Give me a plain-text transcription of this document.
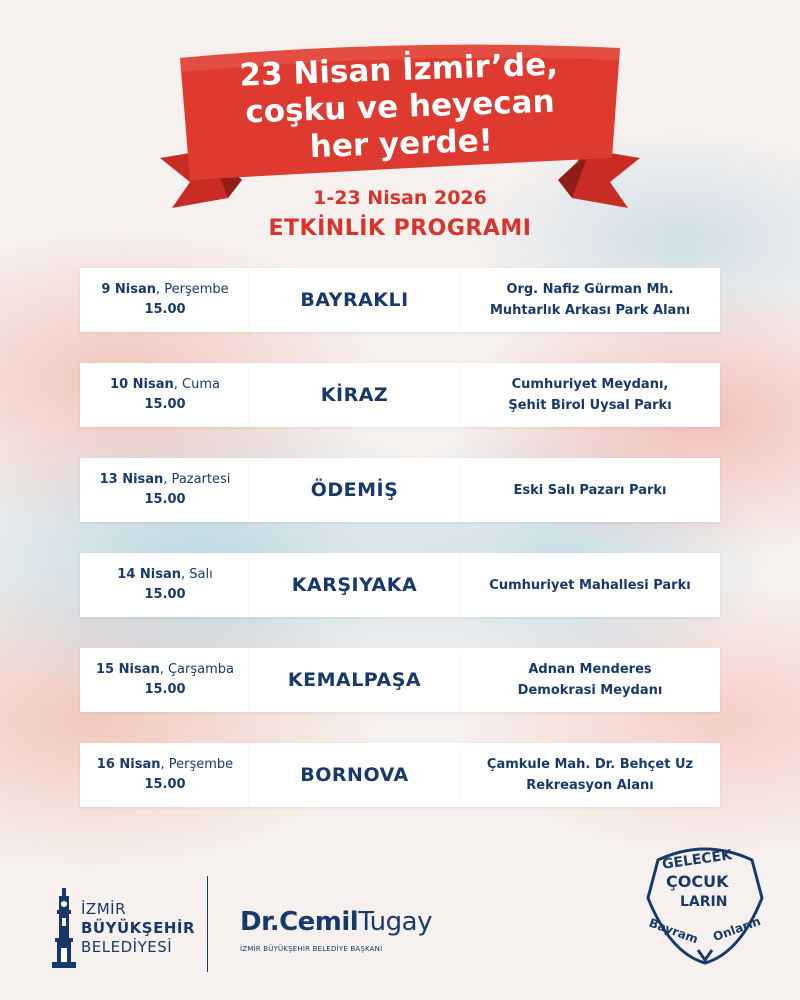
23 Nisan İzmir’de,
coşku ve heyecan
her yerde!
1-23 Nisan 2026
ETKİNLİK PROGRAMI
9 Nisan, Perşembe
15.00	BAYRAKLI	Org. Nafiz Gürman Mh.
Muhtarlık Arkası Park Alanı
10 Nisan, Cuma
15.00	KİRAZ	Cumhuriyet Meydanı,
Şehit Birol Uysal Parkı
13 Nisan, Pazartesi
15.00	ÖDEMİŞ	Eski Salı Pazarı Parkı
14 Nisan, Salı
15.00	KARŞIYAKA	Cumhuriyet Mahallesi Parkı
15 Nisan, Çarşamba
15.00	KEMALPAŞA	Adnan Menderes
Demokrasi Meydanı
16 Nisan, Perşembe
15.00	BORNOVA	Çamkule Mah. Dr. Behçet Uz
Rekreasyon Alanı
İZMİR
BÜYÜKŞEHİR
BELEDİYESİ
Dr.CemilTugay
İZMİR BÜYÜKŞEHİR BELEDİYE BAŞKANI
GELECEK
ÇOCUK
LARIN
Bayram Onların
